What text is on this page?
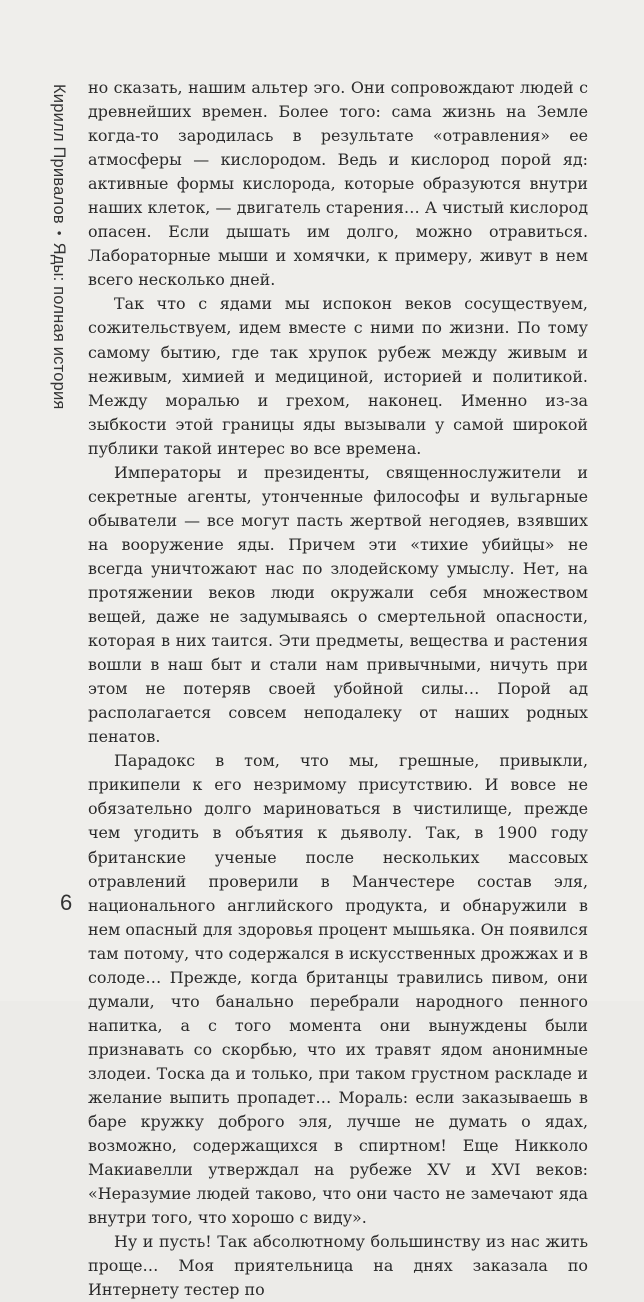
Кирилл Привалов•Яды: полная история

но сказать, нашим альтер эго. Они сопровождают людей с древнейших времен. Более того: сама жизнь на Земле когда-то зародилась в результате «отравления» ее атмосферы — кислородом. Ведь и кислород порой яд: активные формы кислорода, которые образуются внутри наших клеток, — двигатель старения… А чистый кислород опасен. Если дышать им долго, можно отравиться. Лабораторные мыши и хомячки, к примеру, живут в нем всего несколько дней.

Так что с ядами мы испокон веков сосуществуем, сожительствуем, идем вместе с ними по жизни. По тому самому бытию, где так хрупок рубеж между живым и неживым, химией и медициной, историей и политикой. Между моралью и грехом, наконец. Именно из-за зыбкости этой границы яды вызывали у самой широкой публики такой интерес во все времена.

Императоры и президенты, священнослужители и секретные агенты, утонченные философы и вульгарные обыватели — все могут пасть жертвой негодяев, взявших на вооружение яды. Причем эти «тихие убийцы» не всегда уничтожают нас по злодейскому умыслу. Нет, на протяжении веков люди окружали себя множеством вещей, даже не задумываясь о смертельной опасности, которая в них таится. Эти предметы, вещества и растения вошли в наш быт и стали нам привычными, ничуть при этом не потеряв своей убойной силы… Порой ад располагается совсем неподалеку от наших родных пенатов.

Парадокс в том, что мы, грешные, привыкли, прикипели к его незримому присутствию. И вовсе не обязательно долго мариноваться в чистилище, прежде чем угодить в объятия к дьяволу. Так, в 1900 году британские ученые после нескольких массовых отравлений проверили в Манчестере состав эля, национального английского продукта, и обнаружили в нем опасный для здоровья процент мышьяка. Он появился там потому, что содержался в искусственных дрожжах и в солоде… Прежде, когда британцы травились пивом, они думали, что банально перебрали народного пенного напитка, а с того момента они вынуждены были признавать со скорбью, что их травят ядом анонимные злодеи. Тоска да и только, при таком грустном раскладе и желание выпить пропадет… Мораль: если заказываешь в баре кружку доброго эля, лучше не думать о ядах, возможно, содержащихся в спиртном! Еще Никколо Макиавелли утверждал на рубеже XV и XVI веков: «Неразумие людей таково, что они часто не замечают яда внутри того, что хорошо с виду».

Ну и пусть! Так абсолютному большинству из нас жить проще… Моя приятельница на днях заказала по Интернету тестер по

6
